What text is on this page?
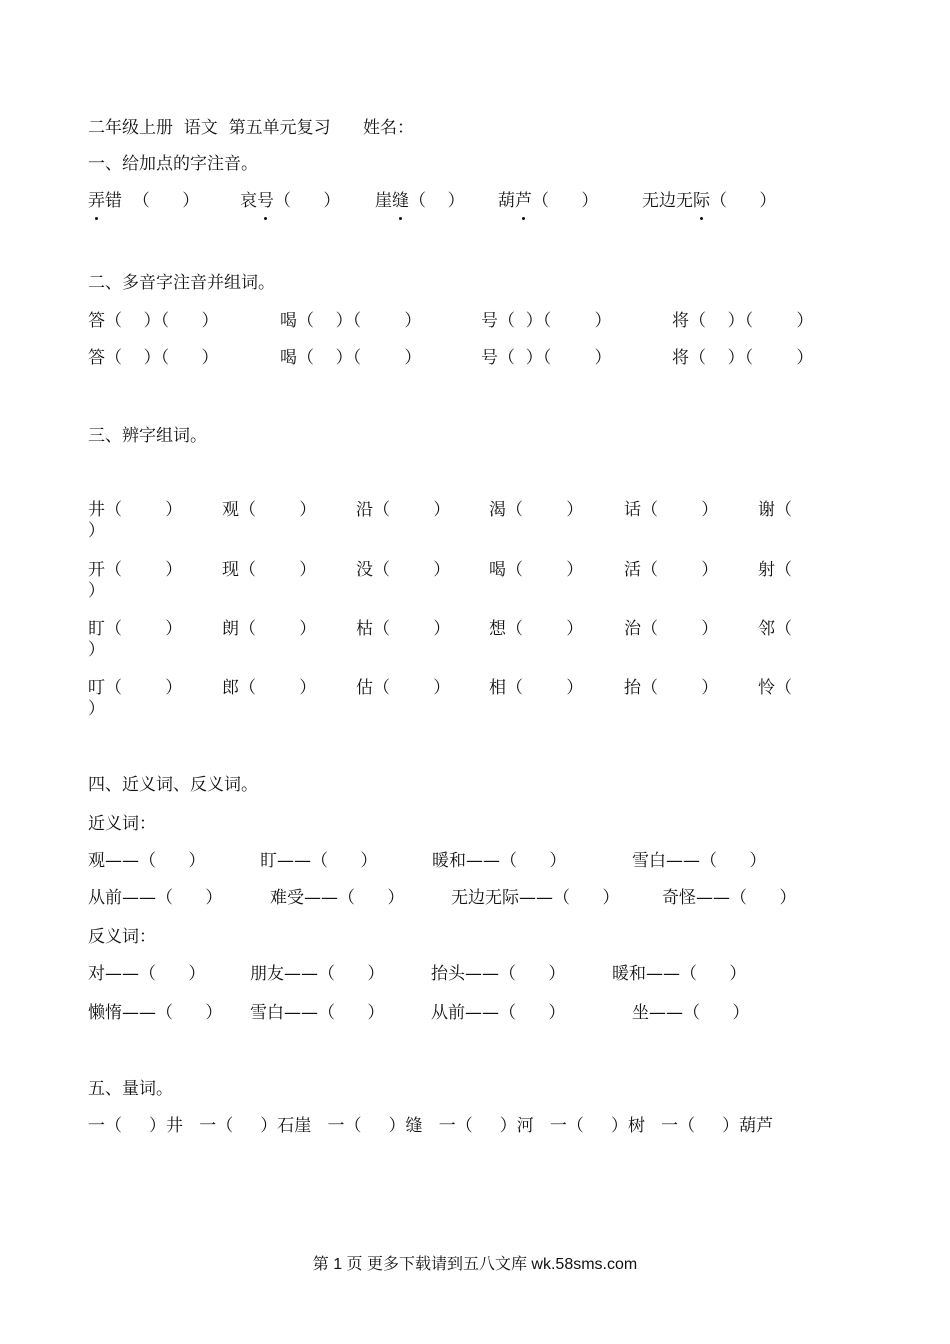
二年级上册  语文  第五单元复习      姓名：
一、给加点的字注音。
弄错  （      ） 哀号（      ） 崖缝（    ） 葫芦（      ）	无边无际（      ）
二、多音字注音并组词。
答（    ）（      ）	喝（    ）（        ）	号（  ）（        ）	将（    ）（        ）
答（    ）（      ）	喝（    ）（        ）	号（  ）（        ）	将（    ）（        ）
三、辨字组词。
井（        ） 观（        ） 沿（        ） 渴（        ） 话（        ） 谢（
）
开（        ） 现（        ） 没（        ） 喝（        ） 活（        ） 射（
）
盯（        ） 朗（        ） 枯（        ） 想（        ） 治（        ） 邻（
）
叮（        ） 郎（        ） 估（        ） 相（        ） 抬（        ） 怜（
）
四、近义词、反义词。
近义词：
观——（      ）	盯——（      ）	暖和——（      ）	雪白——（      ）
从前——（      ）	难受——（      ）	无边无际——（      ）	奇怪——（      ）
反义词：
对——（      ）	朋友——（      ）	抬头——（      ）	暖和——（      ）
懒惰——（      ） 雪白——（      ）	从前——（      ）	坐——（      ）
五、量词。
一（     ）井   一（     ）石崖   一（     ）缝   一（     ）河   一（     ）树   一（     ）葫芦
第 1 页 更多下载请到五八文库 wk.58sms.com
